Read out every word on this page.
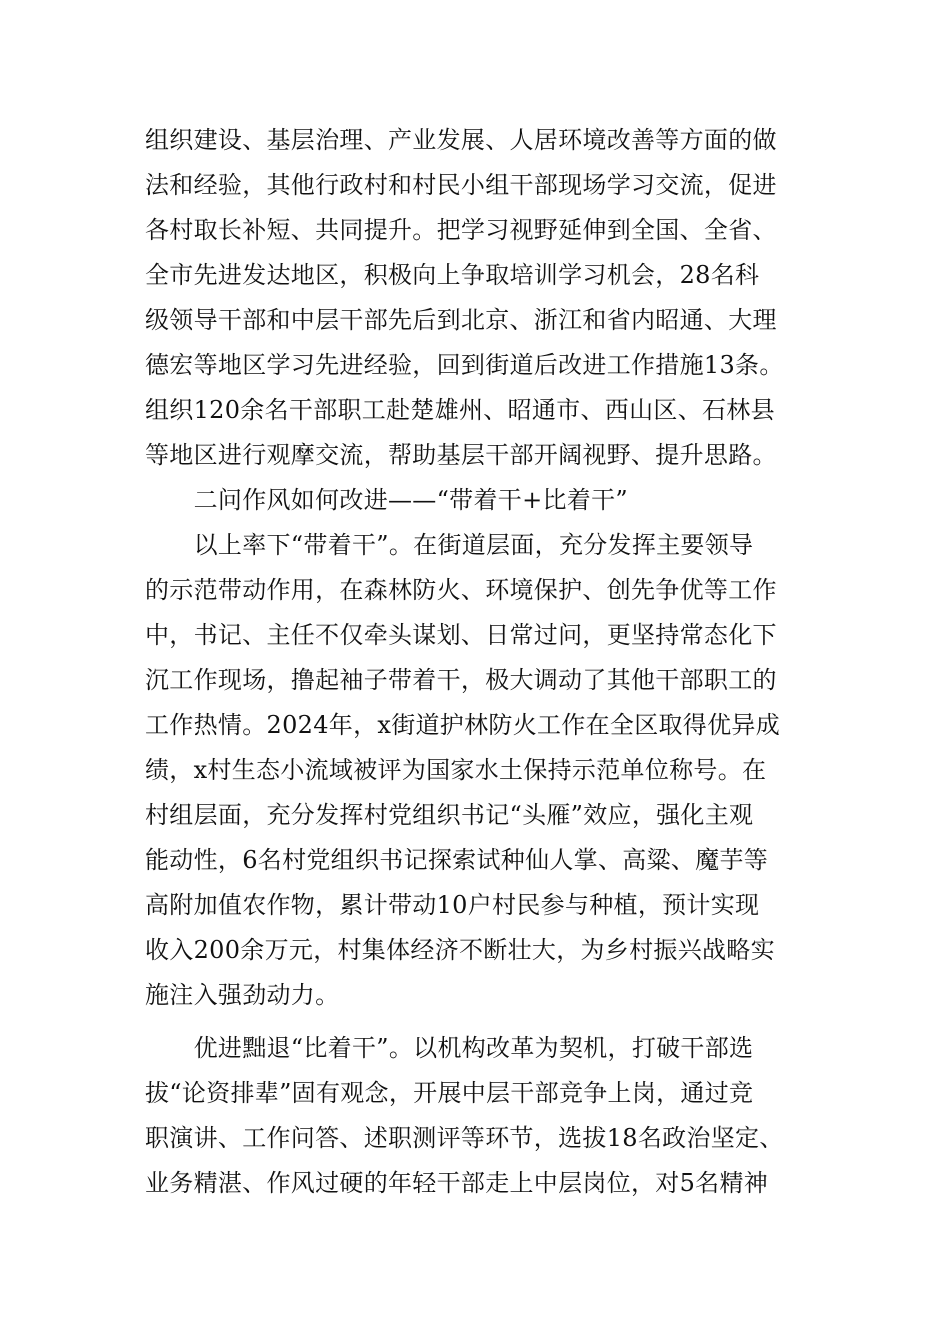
组织建设、基层治理、产业发展、人居环境改善等方面的做
法和经验，其他行政村和村民小组干部现场学习交流，促进
各村取长补短、共同提升。把学习视野延伸到全国、全省、
全市先进发达地区，积极向上争取培训学习机会，28名科
级领导干部和中层干部先后到北京、浙江和省内昭通、大理
德宏等地区学习先进经验，回到街道后改进工作措施13条。
组织120余名干部职工赴楚雄州、昭通市、西山区、石林县
等地区进行观摩交流，帮助基层干部开阔视野、提升思路。
　　二问作风如何改进——“带着干+比着干”
　　以上率下“带着干”。在街道层面，充分发挥主要领导
的示范带动作用，在森林防火、环境保护、创先争优等工作
中，书记、主任不仅牵头谋划、日常过问，更坚持常态化下
沉工作现场，撸起袖子带着干，极大调动了其他干部职工的
工作热情。2024年，x街道护林防火工作在全区取得优异成
绩，x村生态小流域被评为国家水土保持示范单位称号。在
村组层面，充分发挥村党组织书记“头雁”效应，强化主观
能动性，6名村党组织书记探索试种仙人掌、高粱、魔芋等
高附加值农作物，累计带动10户村民参与种植，预计实现
收入200余万元，村集体经济不断壮大，为乡村振兴战略实
施注入强劲动力。
　　优进黜退“比着干”。以机构改革为契机，打破干部选
拔“论资排辈”固有观念，开展中层干部竞争上岗，通过竞
职演讲、工作问答、述职测评等环节，选拔18名政治坚定、
业务精湛、作风过硬的年轻干部走上中层岗位，对5名精神
